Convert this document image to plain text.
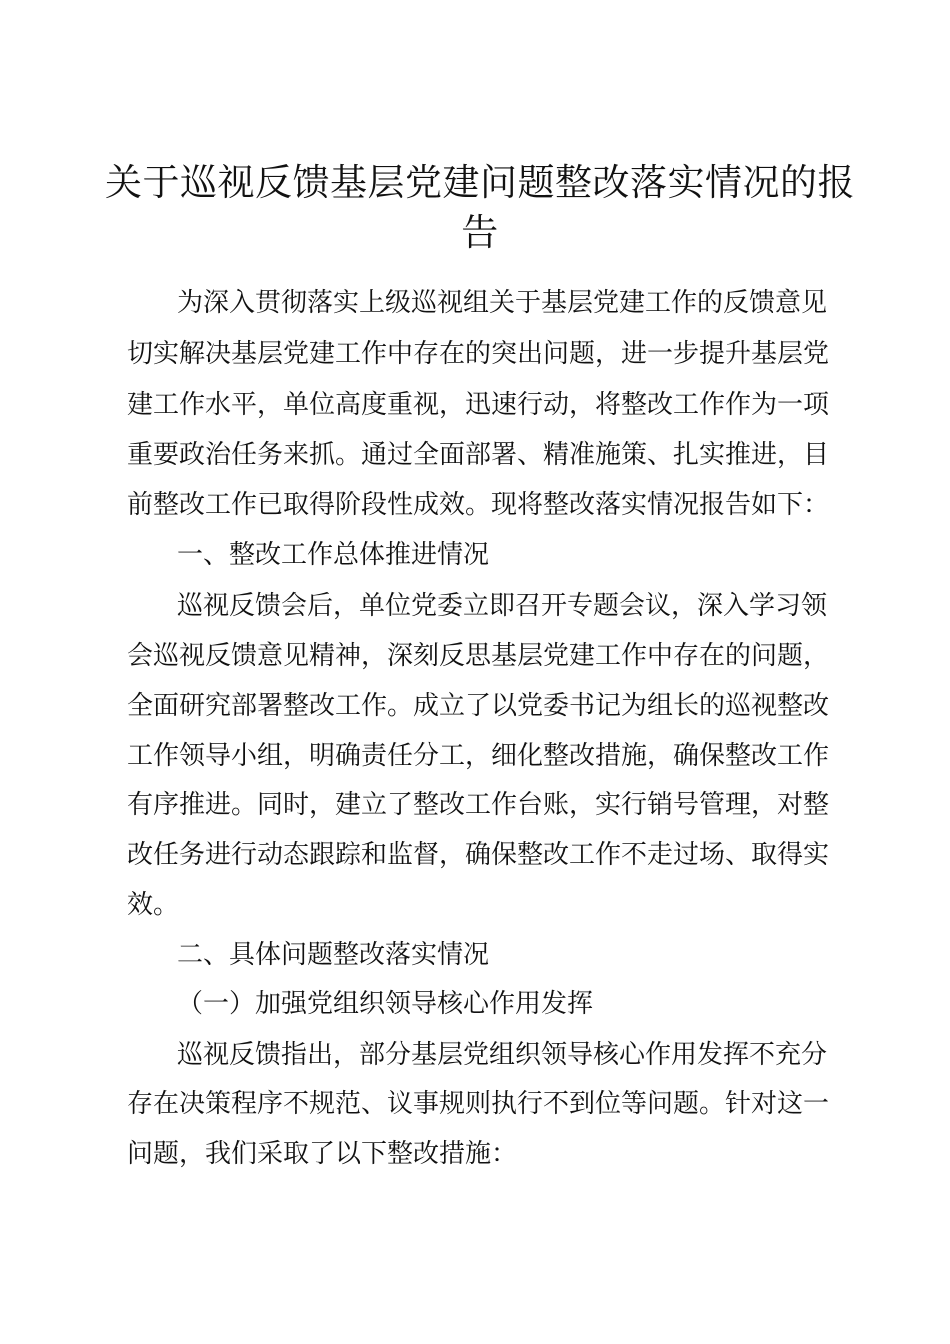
关于巡视反馈基层党建问题整改落实情况的报告

为深入贯彻落实上级巡视组关于基层党建工作的反馈意见

切实解决基层党建工作中存在的突出问题，进一步提升基层党

建工作水平，单位高度重视，迅速行动，将整改工作作为一项

重要政治任务来抓。通过全面部署、精准施策、扎实推进，目

前整改工作已取得阶段性成效。现将整改落实情况报告如下：

一、整改工作总体推进情况

巡视反馈会后，单位党委立即召开专题会议，深入学习领

会巡视反馈意见精神，深刻反思基层党建工作中存在的问题，

全面研究部署整改工作。成立了以党委书记为组长的巡视整改

工作领导小组，明确责任分工，细化整改措施，确保整改工作

有序推进。同时，建立了整改工作台账，实行销号管理，对整

改任务进行动态跟踪和监督，确保整改工作不走过场、取得实

效。

二、具体问题整改落实情况

（一）加强党组织领导核心作用发挥

巡视反馈指出，部分基层党组织领导核心作用发挥不充分

存在决策程序不规范、议事规则执行不到位等问题。针对这一

问题，我们采取了以下整改措施：
